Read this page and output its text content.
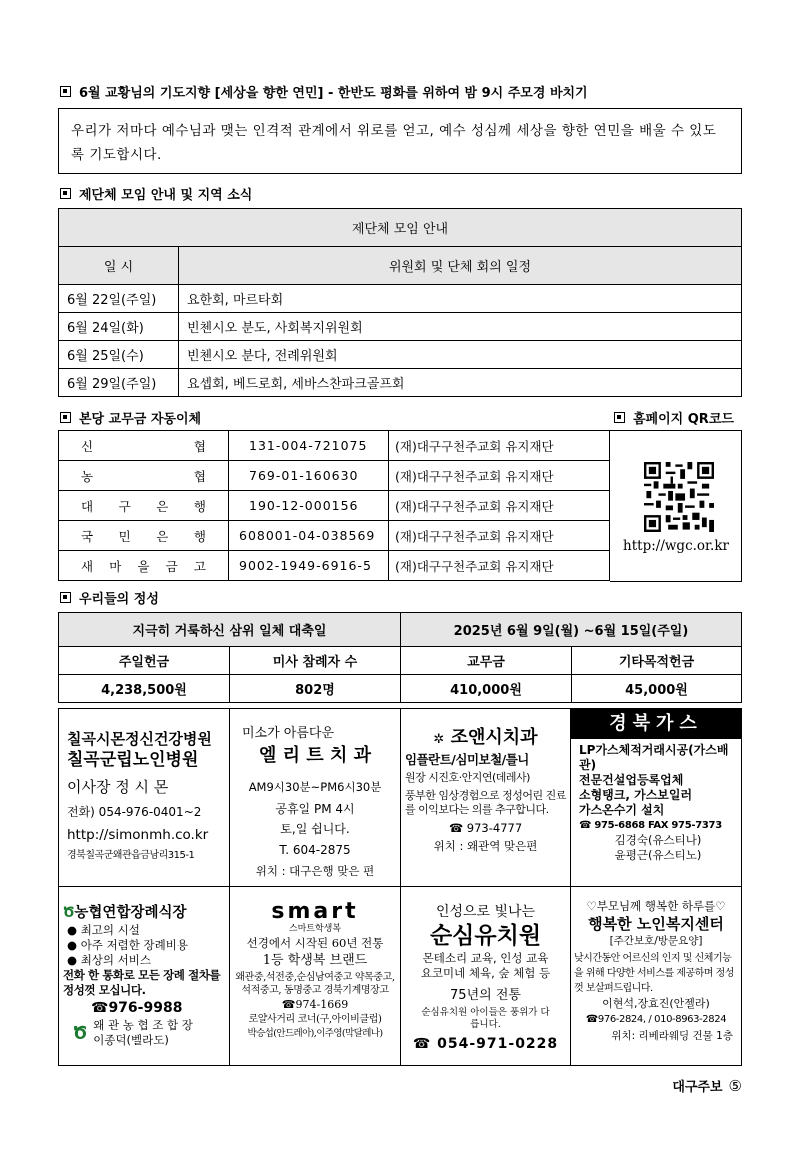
6월 교황님의 기도지향 [세상을 향한 연민] - 한반도 평화를 위하여 밤 9시 주모경 바치기
우리가 저마다 예수님과 맺는 인격적 관계에서 위로를 얻고, 예수 성심께 세상을 향한 연민을 배울 수 있도록 기도합시다.
제단체 모임 안내 및 지역 소식
제단체 모임 안내	
일 시	위원회 및 단체 회의 일정
6월 22일(주일)	요한회, 마르타회
6월 24일(화)	빈첸시오 분도, 사회복지위원회
6월 25일(수)	빈첸시오 분다, 전례위원회
6월 29일(주일)	요셉회, 베드로회, 세바스찬파크골프회
본당 교무금 자동이체	홈페이지 QR코드
신 협	131-004-721075	(재)대구구천주교회 유지재단

농 협	769-01-160630	(재)대구구천주교회 유지재단

대 구 은 행	190-12-000156	(재)대구구천주교회 유지재단

국 민 은 행	608001-04-038569	(재)대구구천주교회 유지재단

새 마 을 금 고	9002-1949-6916-5	(재)대구구천주교회 유지재단
http://wgc.or.kr
우리들의 정성
지극히 거룩하신 삼위 일체 대축일		2025년 6월 9일(월) ~6월 15일(주일)	
주일헌금	미사 참례자 수	교무금	기타목적헌금
4,238,500원	802명	410,000원	45,000원
칠곡시몬정신건강병원
칠곡군립노인병원
이사장 정 시 몬
전화) 054-976-0401~2
http://simonmh.co.kr
경북칠곡군왜관읍금남리315-1
미소가 아름다운
엘 리 트 치 과
AM9시30분~PM6시30분
공휴일 PM 4시
토,일 쉽니다.
T. 604-2875
위치 : 대구은행 맞은 편
✲ 조앤시치과
임플란트/심미보철/틀니
원장 시진호·안지연(데레사)
풍부한 임상경험으로 정성어린 진료를 이익보다는 의를 추구합니다.
☎ 973-4777
위치 : 왜관역 맞은편
경북가스
LP가스체적거래시공(가스배관)
전문건설업등록업체
소형탱크, 가스보일러
가스온수기 설치
☎ 975-6868 FAX 975-7373
김경숙(유스티나)
윤평근(유스티노)
Ծ농협연합장례식장
● 최고의 시설
● 아주 저렴한 장례비용
● 최상의 서비스
전화 한 통화로 모든 장례 절차를 정성껏 모십니다.
☎976-9988
Ծ 왜 관 농 협 조 합 장
이종덕(벨라도)
smart
스마트학생복
선경에서 시작된 60년 전통
1등 학생복 브랜드
왜관중,석전중,순심남여중고 약목중고, 석적중고, 동명중고 경북기계명장고
☎974-1669
로얄사거리 코너(구,아이비클럽)
박승섭(안드레아),이주영(막달레나)
인성으로 빛나는
순심유치원
몬테소리 교육, 인성 교육
요코미네 체육, 숲 체험 등
75년의 전통
순심유치원 아이들은 풍위가 다릅니다.
☎ 054-971-0228
♡부모님께 행복한 하루를♡
행복한 노인복지센터
[주간보호/방문요양]
낮시간동안 어르신의 인지 및 신체기능을 위해 다양한 서비스를 제공하며 정성껏 보살펴드립니다.
이현석,장효진(안젤라)
☎976-2824, / 010-8963-2824
위치: 리베라웨딩 건물 1층
대구주보 ⑤
